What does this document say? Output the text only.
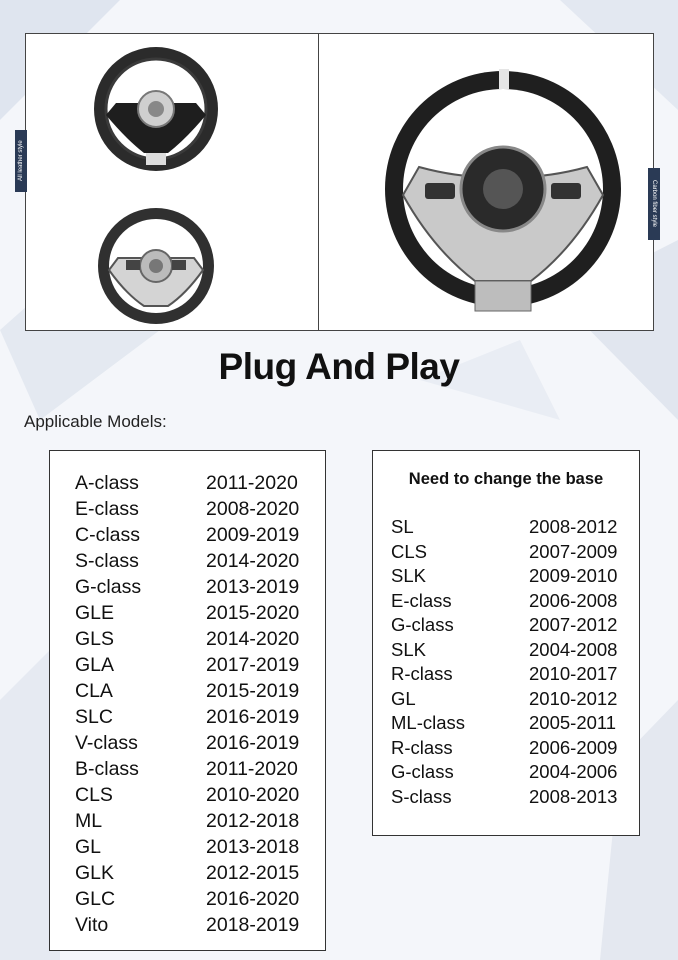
All leather style
Carbon fiber style
Plug And Play
Applicable Models:
A-class	2011-2020
E-class	2008-2020
C-class	2009-2019
S-class	2014-2020
G-class	2013-2019
GLE	2015-2020
GLS	2014-2020
GLA	2017-2019
CLA	2015-2019
SLC	2016-2019
V-class	2016-2019
B-class	2011-2020
CLS	2010-2020
ML	2012-2018
GL	2013-2018
GLK	2012-2015
GLC	2016-2020
Vito	2018-2019
Need to change the base
SL	2008-2012
CLS	2007-2009
SLK	2009-2010
E-class	2006-2008
G-class	2007-2012
SLK	2004-2008
R-class	2010-2017
GL	2010-2012
ML-class	2005-2011
R-class	2006-2009
G-class	2004-2006
S-class	2008-2013
